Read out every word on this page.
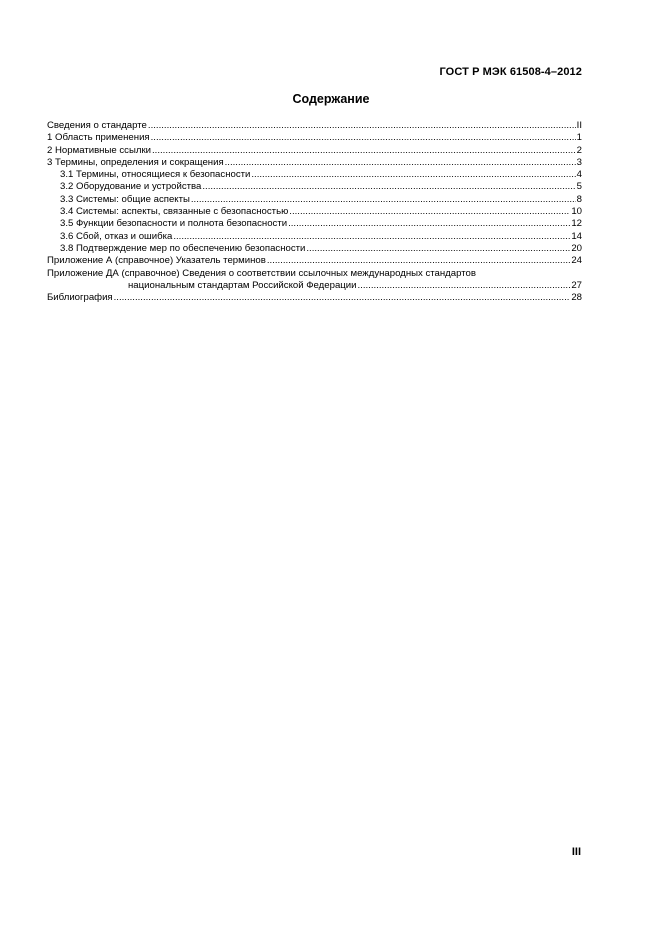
ГОСТ Р МЭК 61508-4–2012
Содержание
Сведения о стандарте .....	II
1 Область применения .....	1
2 Нормативные ссылки .....	2
3 Термины, определения и сокращения .....	3
3.1 Термины, относящиеся к безопасности .....	4
3.2 Оборудование и устройства .....	5
3.3 Системы: общие аспекты .....	8
3.4 Системы: аспекты, связанные с безопасностью .....	10
3.5 Функции безопасности и полнота безопасности .....	12
3.6 Сбой, отказ и ошибка .....	14
3.8 Подтверждение мер по обеспечению безопасности .....	20
Приложение А (справочное) Указатель терминов .....	24
Приложение ДА (справочное) Сведения о соответствии ссылочных международных стандартов
национальным стандартам Российской Федерации .....	27
Библиография .....	28
III
